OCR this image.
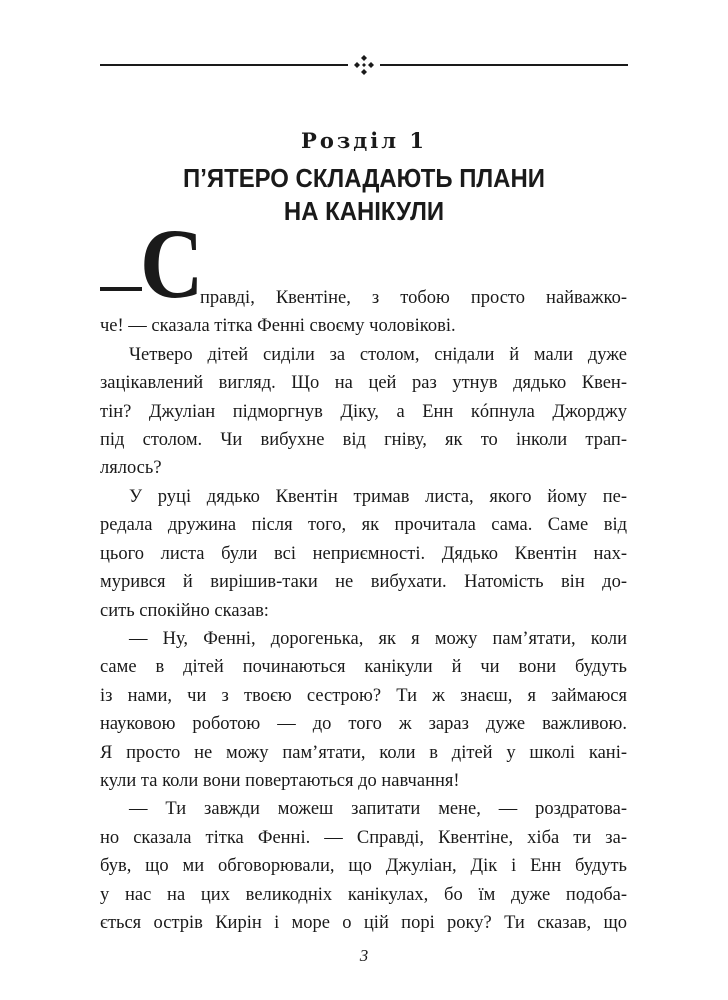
Розділ 1
П’ЯТЕРО СКЛАДАЮТЬ ПЛАНИ
НА КАНІКУЛИ
С
правді, Квентіне, з тобою просто найважко-
че! — сказала тітка Фенні своєму чоловікові.
Четверо дітей сиділи за столом, снідали й мали дуже
зацікавлений вигляд. Що на цей раз утнув дядько Квен-
тін? Джуліан підморгнув Діку, а Енн кóпнула Джорджу
під столом. Чи вибухне від гніву, як то інколи трап-
лялось?
У руці дядько Квентін тримав листа, якого йому пе-
редала дружина після того, як прочитала сама. Саме від
цього листа були всі неприємності. Дядько Квентін нах-
мурився й вирішив-таки не вибухати. Натомість він до-
сить спокійно сказав:
— Ну, Фенні, дорогенька, як я можу пам’ятати, коли
саме в дітей починаються канікули й чи вони будуть
із нами, чи з твоєю сестрою? Ти ж знаєш, я займаюся
науковою роботою — до того ж зараз дуже важливою.
Я просто не можу пам’ятати, коли в дітей у школі кані-
кули та коли вони повертаються до навчання!
— Ти завжди можеш запитати мене, — роздратова-
но сказала тітка Фенні. — Справді, Квентіне, хіба ти за-
був, що ми обговорювали, що Джуліан, Дік і Енн будуть
у нас на цих великодніх канікулах, бо їм дуже подоба-
ється острів Кирін і море о цій порі року? Ти сказав, що
3
